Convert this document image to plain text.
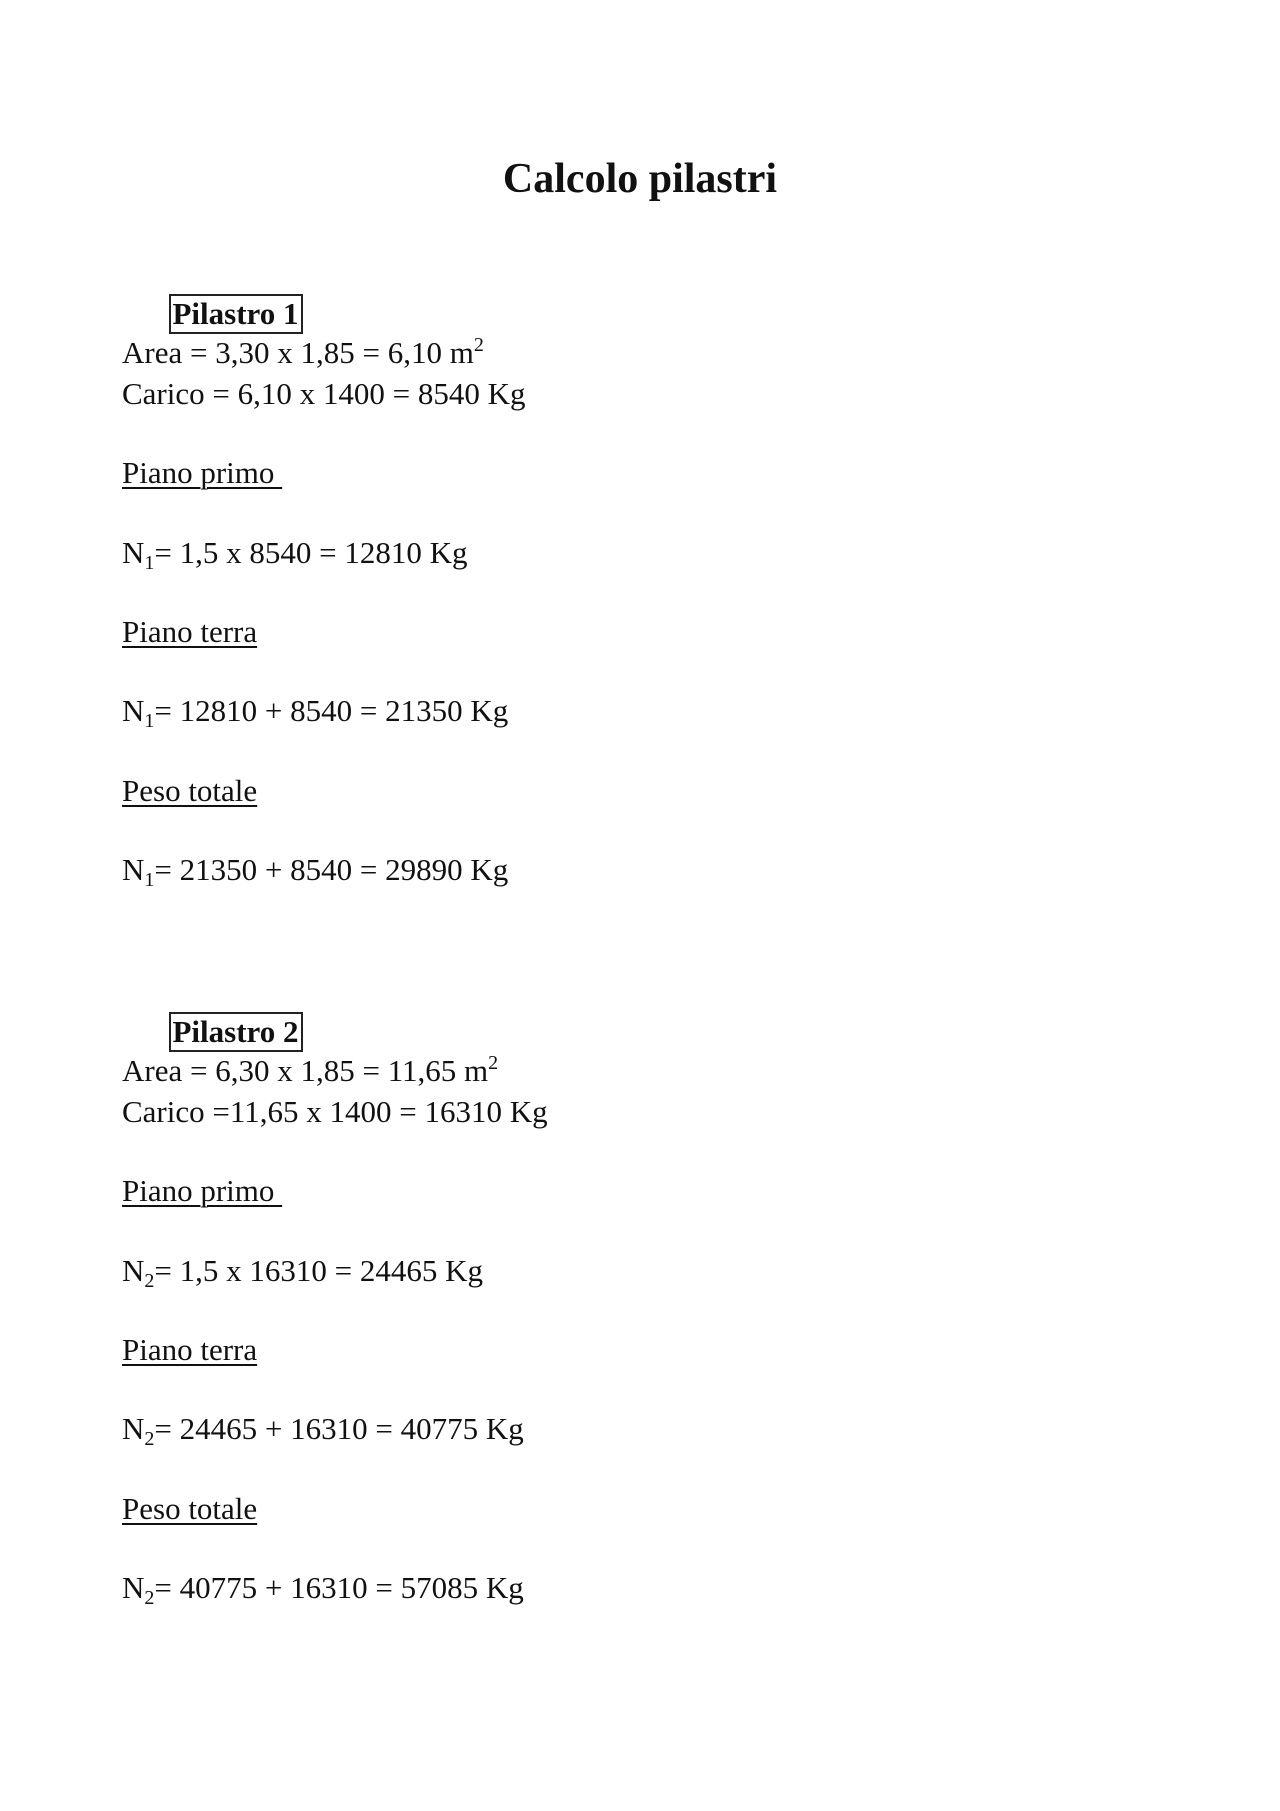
Calcolo pilastri

Pilastro 1

Area = 3,30 x 1,85 = 6,10 $m^2$

Carico = 6,10 x 1400 = 8540 Kg

Piano primo

$N_1= 1,5$ x 8540 = 12810 Kg

Piano terra

$N_1= 12810 + 8540 = 21350$ Kg

Peso totale

$N_1= 21350 + 8540 = 29890$ Kg

Pilastro 2

Area = 6,30 x 1,85 = 11,65 $m^2$

Carico =11,65 x 1400 = 16310 Kg

Piano primo

$N_2= 1,5$ x 16310 = 24465 Kg

Piano terra

$N_2= 24465 + 16310 = 40775$ Kg

Peso totale

$N_2= 40775 + 16310 = 57085$ Kg
